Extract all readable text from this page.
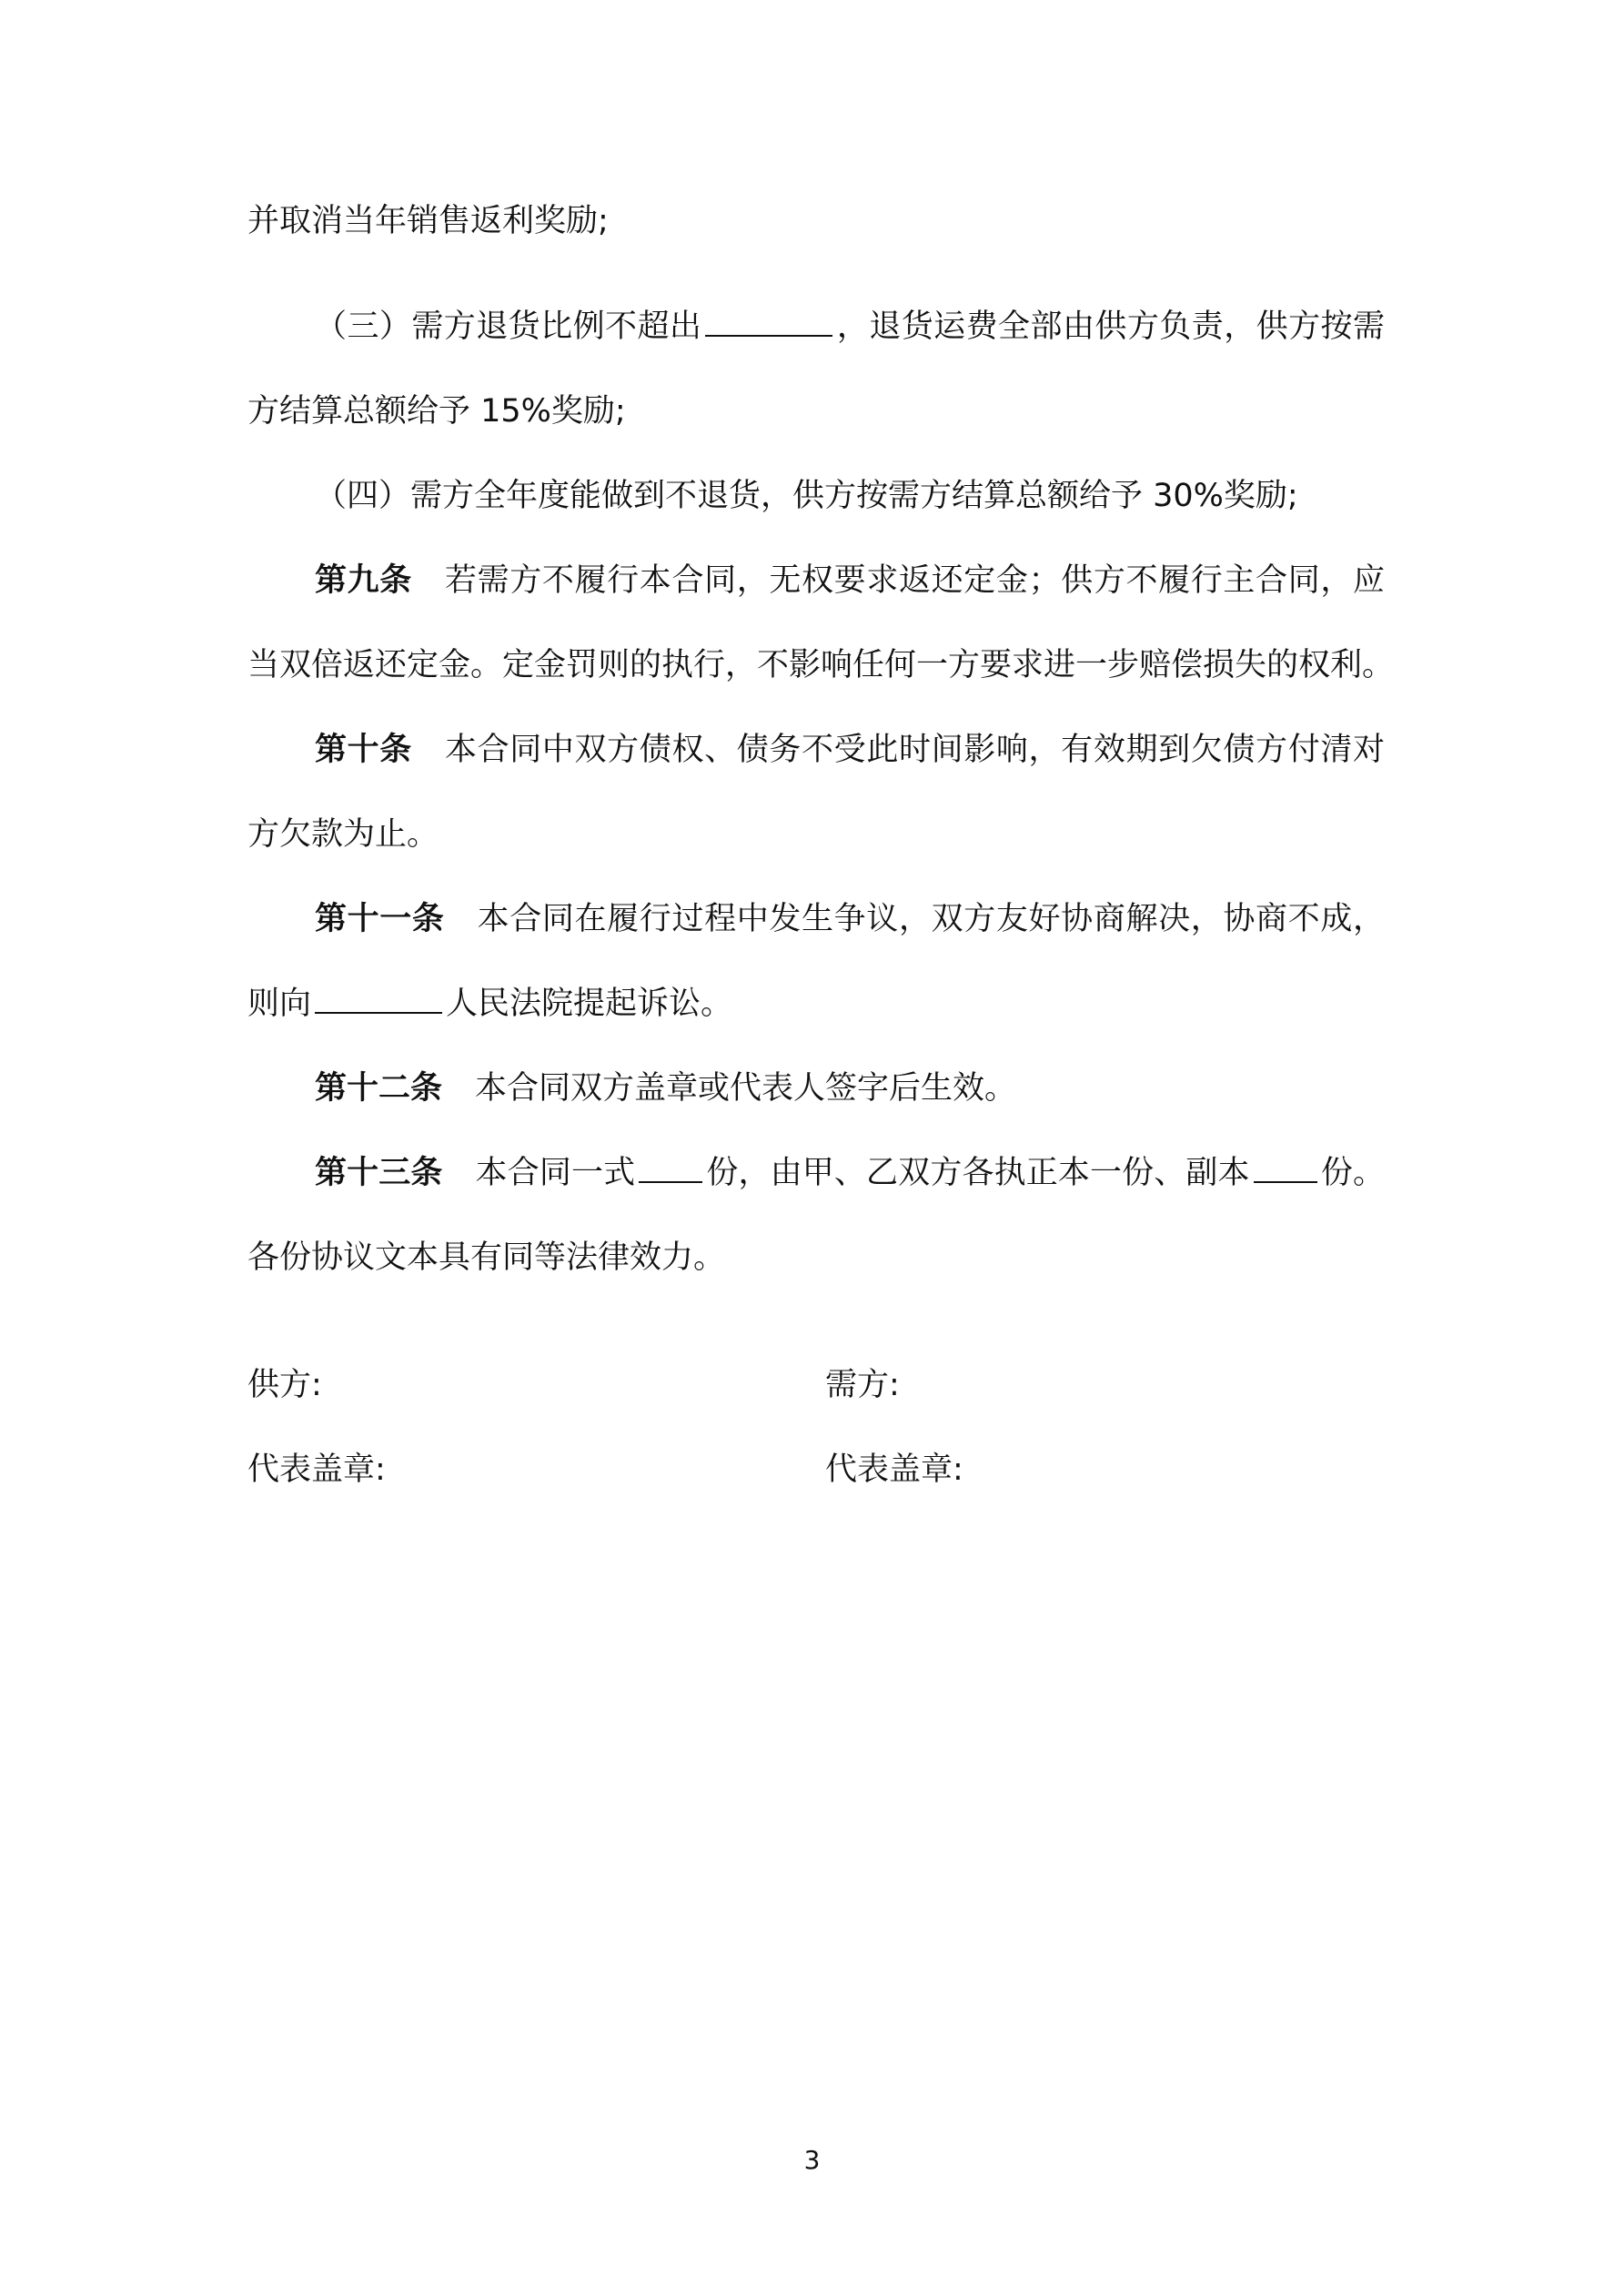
并取消当年销售返利奖励;
（三）需方退货比例不超出	，退货运费全部由供方负责，供方按需
方结算总额给予 15%奖励;
（四）需方全年度能做到不退货，供方按需方结算总额给予 30%奖励;
第九条 若需方不履行本合同，无权要求返还定金；供方不履行主合同，应
当双倍返还定金。定金罚则的执行，不影响任何一方要求进一步赔偿损失的权利。
第十条 本合同中双方债权、债务不受此时间影响，有效期到欠债方付清对
方欠款为止。
第十一条 本合同在履行过程中发生争议，双方友好协商解决，协商不成，
则向	人民法院提起诉讼。
第十二条 本合同双方盖章或代表人签字后生效。
第十三条 本合同一式 份，由甲、乙双方各执正本一份、副本 份。
各份协议文本具有同等法律效力。
供方:	需方:
代表盖章:	代表盖章:
3
